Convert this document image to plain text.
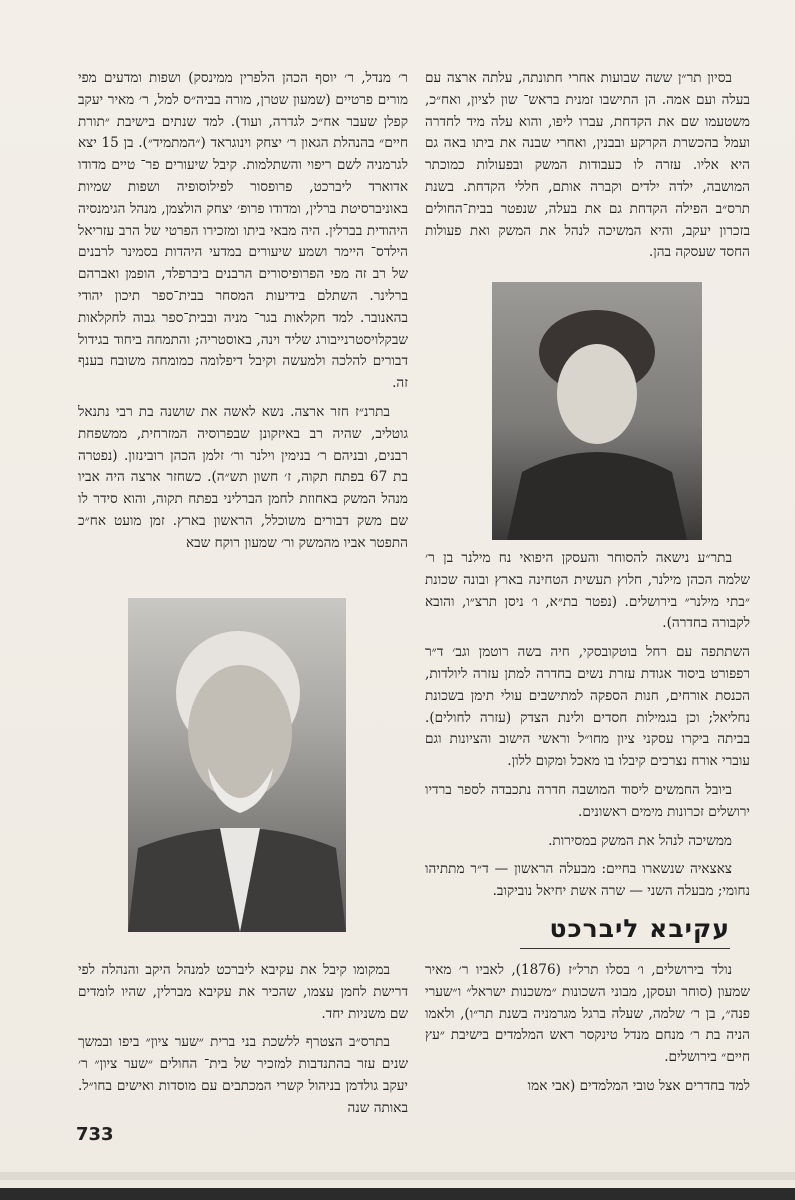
בסיון תר״ן ששה שבועות אחרי חתונתה, עלתה ארצה עם בעלה ועם אמה. הן התישבו זמנית בראש־ שון לציון, ואח״כ, משטעמו שם את הקדחת, עברו ליפו, והוא עלה מיד לחדרה ועמל בהכשרת הקרקע ובבנין, ואחרי שבנה את ביתו באה גם היא אליו. עזרה לו כעבודות המשק ובפעולות כמוכתר המושבה, ילדה ילדים וקברה אותם, חללי הקדחת. בשנת תרס״ב הפילה הקדחת גם את בעלה, שנפטר בבית־החולים בזכרון יעקב, והיא המשיכה לנהל את המשק ואת פעולות החסד שעסקה בהן.

ר׳ מנדל, ר׳ יוסף הכהן הלפרין ממינסק) ושפות ומדעים מפי מורים פרטיים (שמעון שטרן, מורה בביה״ס למל, ר׳ מאיר יעקב קפלן שעבר אח״כ לגדרה, ועוד). למד שנתים בישיבת ״תורת חיים״ בהנהלת הגאון ר׳ יצחק וינוגראד (״המתמיד״). בן 15 יצא לגרמניה לשם ריפוי והשתלמות. קיבל שיעורים פר־ טיים מדודו אדוארד ליברכט, פרופסור לפילוסופיה ושפות שמיות באוניברסיטת ברלין, ומדודו פרופ׳ יצחק הולצמן, מנהל הגימנסיה היהודית בברלין. היה מבאי ביתו ומזכירו הפרטי של הרב עזריאל הילדס־ היימר ושמע שיעורים במדעי היהדות בסמינר לרבנים של רב זה מפי הפרופיסורים הרבנים ביברפלד, הופמן ואברהם ברלינר. השתלם בידיעות המסחר בבית־ספר תיכון יהודי בהאנובר. למד חקלאות בגר־ מניה ובבית־ספר גבוה לחקלאות שבקלויסטרנייבורג שליד וינה, באוסטריה; והתמחה ביחוד בגידול דבורים להלכה ולמעשה וקיבל דיפלומה כמומחה משובח בענף זה.

בתרנ״ז חזר ארצה. נשא לאשה את שושנה בת רבי נתנאל גוטליב, שהיה רב באיזקונן שבפרוסיה המזרחית, ממשפחת רבנים, ובניהם ר׳ בנימין וילנר ור׳ זלמן הכהן רובינזון. (נפטרה בת 67 בפתח תקוה, ז׳ חשון תש״ה). כשחזר ארצה היה אביו מנהל המשק באחוזת לחמן הברליני בפתח תקוה, והוא סידר לו שם משק דבורים משוכלל, הראשון בארץ. זמן מועט אח״כ התפטר אביו מהמשק ור׳ שמעון רוקח שבא

בתר״ע נישאה להסוחר והעסקן היפואי נח מילנר בן ר׳ שלמה הכהן מילנר, חלוץ תעשית הטחינה בארץ ובונה שכונת ״בתי מילנר״ בירושלים. (נפטר בת״א, ו׳ ניסן תרצ״ו, והובא לקבורה בחדרה).

השתתפה עם רחל בוטקובסקי, חיה בשה רוטמן וגב׳ ד״ר רפפורט ביסוד אגודת עזרת נשים בחדרה למתן עזרה ליולדות, הכנסת אורחים, חנות הספקה למתישבים עולי תימן בשכונת נחליאל; וכן בגמילות חסדים ולינת הצדק (עזרה לחולים). בביתה ביקרו עסקני ציון מחו״ל וראשי הישוב והציונות וגם עוברי אורח נצרכים קיבלו בו מאכל ומקום ללון.

ביובל החמשים ליסוד המושבה חדרה נתכבדה לספר ברדיו ירושלים זכרונות מימים ראשונים.

ממשיכה לנהל את המשק במסירות.

צאצאיה שנשארו בחיים: מבעלה הראשון — ד״ר מתתיהו נחומי; מבעלה השני — שרה אשת יחיאל נוביקוב.

עקיבא ליברכט

נולד בירושלים, ו׳ בסלו תרל״ז (1876), לאביו ר׳ מאיר שמעון (סוחר ועסקן, מבוני השכונות ״משכנות ישראל״ ו״שערי פנה״, בן ר׳ שלמה, שעלה ברגל מגרמניה בשנת תר״ו), ולאמו הניה בת ר׳ מנחם מנדל טינקסר ראש המלמדים בישיבת ״עץ חיים״ בירושלים.

למד בחדרים אצל טובי המלמדים (אבי אמו

במקומו קיבל את עקיבא ליברכט למנהל היקב והנהלה לפי דרישת לחמן עצמו, שהכיר את עקיבא מברלין, שהיו לומדים שם משניות יחד.

בתרס״ב הצטרף ללשכת בני ברית ״שער ציון״ ביפו ובמשך שנים עזר בהתנדבות למזכיר של בית־ החולים ״שער ציון״ ר׳ יעקב גולדמן בניהול קשרי המכתבים עם מוסדות ואישים בחו״ל. באותה שנה

733
